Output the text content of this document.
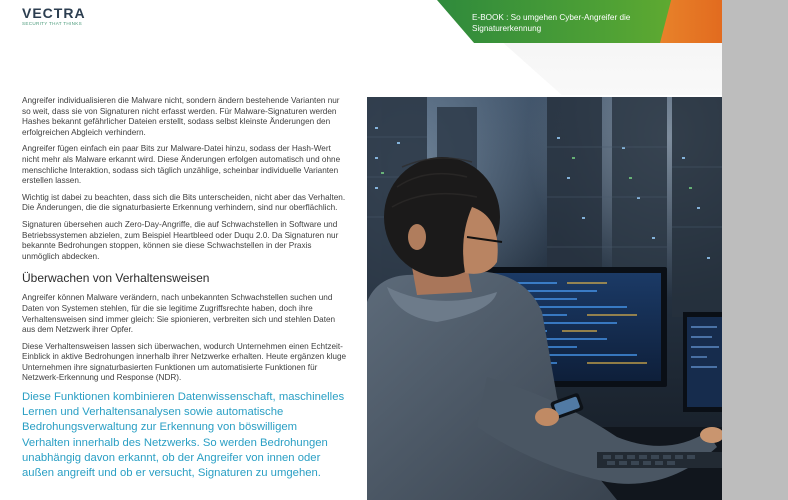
VECTRA
SECURITY THAT THINKS
E-BOOK : So umgehen Cyber-Angreifer die Signaturerkennung

Angreifer individualisieren die Malware nicht, sondern ändern bestehende Varianten nur so weit, dass sie von Signaturen nicht erfasst werden. Für Malware-Signaturen werden Hashes bekannt gefährlicher Dateien erstellt, sodass selbst kleinste Änderungen den erfolgreichen Abgleich verhindern.

Angreifer fügen einfach ein paar Bits zur Malware-Datei hinzu, sodass der Hash-Wert nicht mehr als Malware erkannt wird. Diese Änderungen erfolgen automatisch und ohne menschliche Interaktion, sodass sich täglich unzählige, scheinbar individuelle Varianten erstellen lassen.

Wichtig ist dabei zu beachten, dass sich die Bits unterscheiden, nicht aber das Verhalten. Die Änderungen, die die signaturbasierte Erkennung verhindern, sind nur oberflächlich.

Signaturen übersehen auch Zero-Day-Angriffe, die auf Schwachstellen in Software und Betriebssystemen abzielen, zum Beispiel Heartbleed oder Duqu 2.0. Da Signaturen nur bekannte Bedrohungen stoppen, können sie diese Schwachstellen in der Praxis unmöglich abdecken.

Überwachen von Verhaltensweisen

Angreifer können Malware verändern, nach unbekannten Schwachstellen suchen und Daten von Systemen stehlen, für die sie legitime Zugriffsrechte haben, doch ihre Verhaltensweisen sind immer gleich: Sie spionieren, verbreiten sich und stehlen Daten aus dem Netzwerk ihrer Opfer.

Diese Verhaltensweisen lassen sich überwachen, wodurch Unternehmen einen Echtzeit-Einblick in aktive Bedrohungen innerhalb ihrer Netzwerke erhalten. Heute ergänzen kluge Unternehmen ihre signaturbasierten Funktionen um automatisierte Funktionen für Netzwerk-Erkennung und Response (NDR).

Diese Funktionen kombinieren Datenwissenschaft, maschinelles Lernen und Verhaltensanalysen sowie automatische Bedrohungsverwaltung zur Erkennung von böswilligem Verhalten innerhalb des Netzwerks. So werden Bedrohungen unabhängig davon erkannt, ob der Angreifer von innen oder außen angreift und ob er versucht, Signaturen zu umgehen.
